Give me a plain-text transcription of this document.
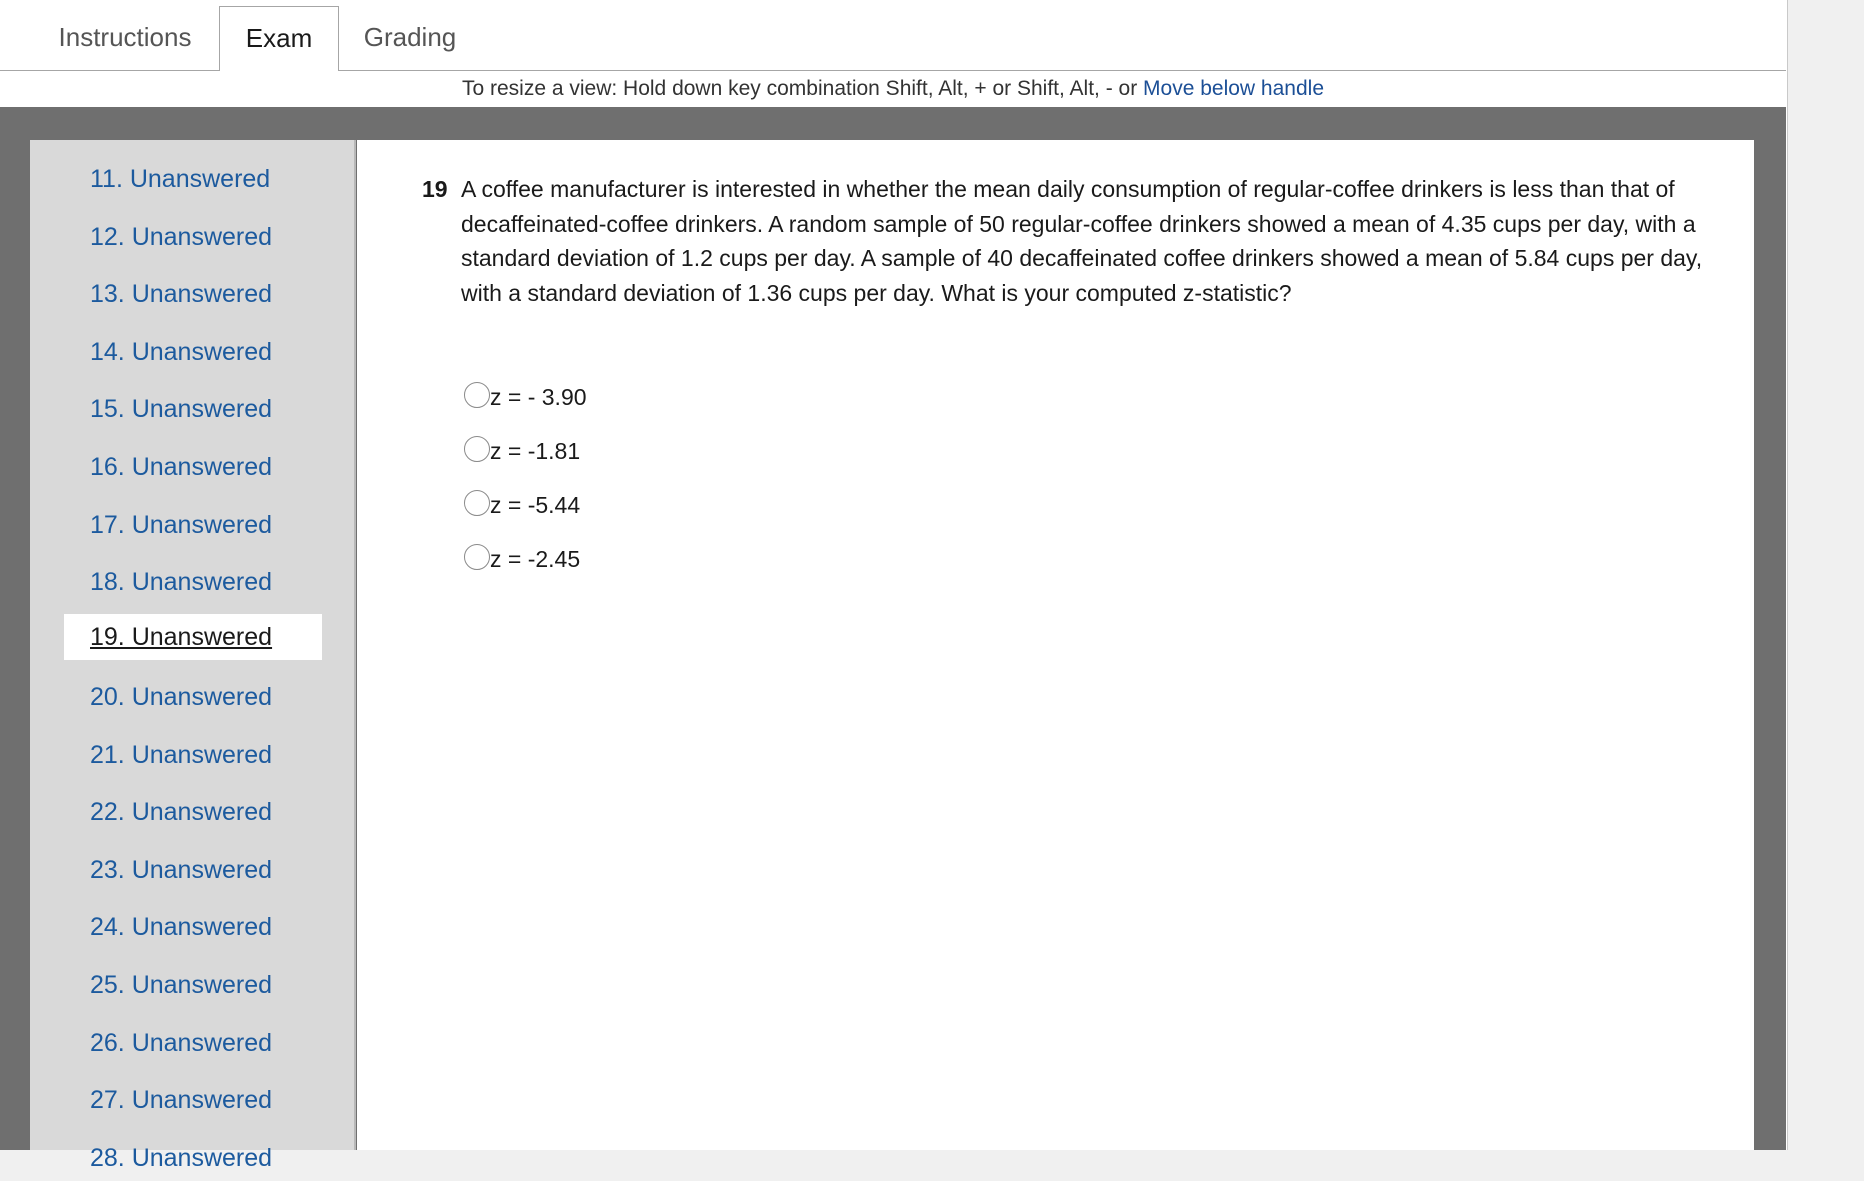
Instructions	Exam	Grading
To resize a view: Hold down key combination Shift, Alt, + or Shift, Alt, - or Move below handle
11. Unanswered
12. Unanswered
13. Unanswered
14. Unanswered
15. Unanswered
16. Unanswered
17. Unanswered
18. Unanswered
19. Unanswered
20. Unanswered
21. Unanswered
22. Unanswered
23. Unanswered
24. Unanswered
25. Unanswered
26. Unanswered
27. Unanswered
28. Unanswered
19 A coffee manufacturer is interested in whether the mean daily consumption of regular-coffee drinkers is less than that of decaffeinated-coffee drinkers. A random sample of 50 regular-coffee drinkers showed a mean of 4.35 cups per day, with a standard deviation of 1.2 cups per day. A sample of 40 decaffeinated coffee drinkers showed a mean of 5.84 cups per day, with a standard deviation of 1.36 cups per day. What is your computed z-statistic?
z = - 3.90
z = -1.81
z = -5.44
z = -2.45
